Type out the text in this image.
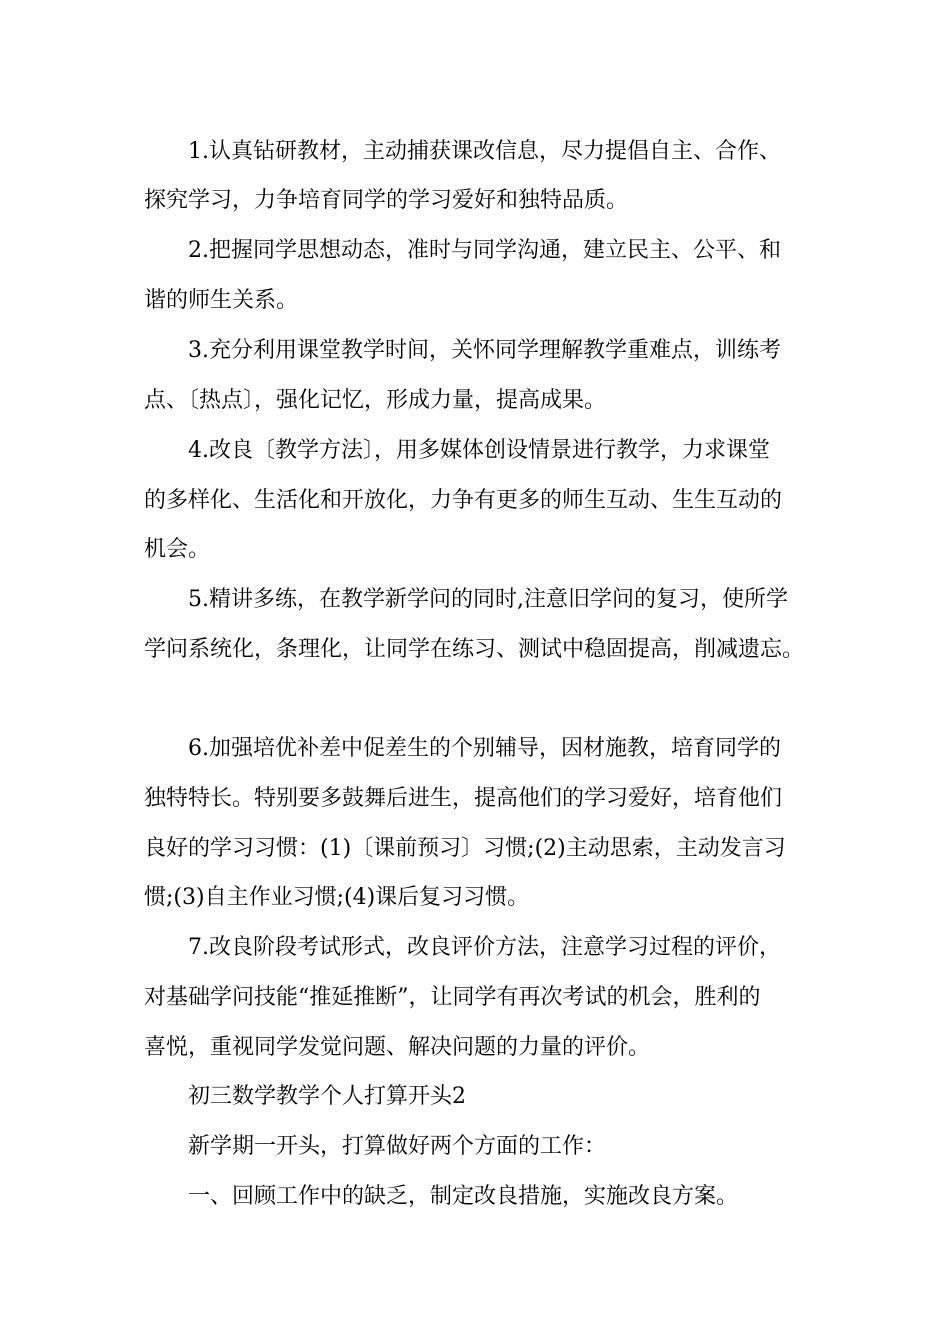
1.认真钻研教材，主动捕获课改信息，尽力提倡自主、合作、

探究学习，力争培育同学的学习爱好和独特品质。

2.把握同学思想动态，准时与同学沟通，建立民主、公平、和

谐的师生关系。

3.充分利用课堂教学时间，关怀同学理解教学重难点，训练考

点、〔热点〕，强化记忆，形成力量，提高成果。

4.改良〔教学方法〕，用多媒体创设情景进行教学，力求课堂

的多样化、生活化和开放化，力争有更多的师生互动、生生互动的

机会。

5.精讲多练，在教学新学问的同时,注意旧学问的复习，使所学

学问系统化，条理化，让同学在练习、测试中稳固提高，削减遗忘。

6.加强培优补差中促差生的个别辅导，因材施教，培育同学的

独特特长。特别要多鼓舞后进生，提高他们的学习爱好，培育他们

良好的学习习惯：(1)〔课前预习〕习惯;(2)主动思索，主动发言习

惯;(3)自主作业习惯;(4)课后复习习惯。

7.改良阶段考试形式，改良评价方法，注意学习过程的评价，

对基础学问技能“推延推断”，让同学有再次考试的机会，胜利的

喜悦，重视同学发觉问题、解决问题的力量的评价。

初三数学教学个人打算开头2

新学期一开头，打算做好两个方面的工作：

一、回顾工作中的缺乏，制定改良措施，实施改良方案。
